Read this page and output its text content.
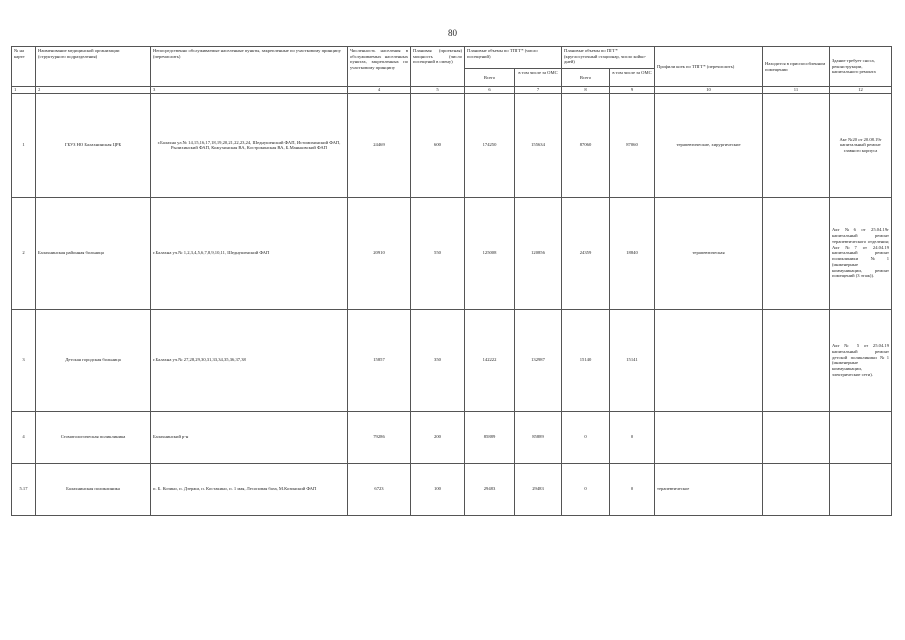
80
№ на карте	Наименование медицинской организации (структурного подразделения)	Непосредственно обслуживаемые населенные пункты, закрепленные по участковому принципу (перечислить)	Численность населения в обслуживаемых населенных пунктах, закрепленных по участковому принципу	Плановая (проектная) мощность (число посещений в смену)	Плановые объемы по ТПГГ* (число посещений)		Плановые объемы по ПГГ* (круглосуточный стационар, число койко-дней)		Профили коек по ТПГГ* (перечислить)	Находится в приспособленном помещении	Здание требует сноса, реконструкции, капитального ремонта
					Всего	в том числе за ОМС	Всего	в том числе за ОМС			
1	2	3	4	5	6	7	8	9	10	11	12
1	ГБУЗ НО Балахнинская ЦРБ	г.Балахна ул.№ 14,15,16,17,18,19,20,21,22,23,24, Шеднушенский ФАП, Истомихинский ФАП, Рылихинский ФАП, Кожухинская ВА, Кострокинская ВА, Б.Маньковский ФАП	24469	600	174250	155634	87060	87060	терапевтические, хирургические		Акт №20 от 20.08.19г капитальный ремонт главного корпуса
2	Балахнинская районная больница	г.Балахна уч.№ 1,2,3,4,5,6,7,8,9,10,11, Шеднушенский ФАП	20910	550	125008	120856	24359	18840	терапевтическая		Акт №6 от 25.04.19г капитальный ремонт терапевтического отделения; Акт №7 от 24.04.19 капитальный ремонт поликлиники №1 (инженерные коммуникации, ремонт помещений (3 этаж)).
3	Детская городская больница	г.Балахна уч.№ 27,28,29,30,31,33,34,35,36,37,38	15857	350	142222	132987	15140	15141			Акт № 5 от 25.04.19 капитальный ремонт детской поликлиники №1 (инженерные коммуникации, электрические сети).
4	Стоматологическая поликлиника	Балахнинский р-н	79286	200	85889	85889	0	0			
5.17	Балахнинская поликлиника	п. Б. Козино, п. Дзержи, п. Костакино, п. 1 мая, Лесоповая база, М.Козинский ФАП	6723	100	29483	29483	0	0	терапевтическое		
